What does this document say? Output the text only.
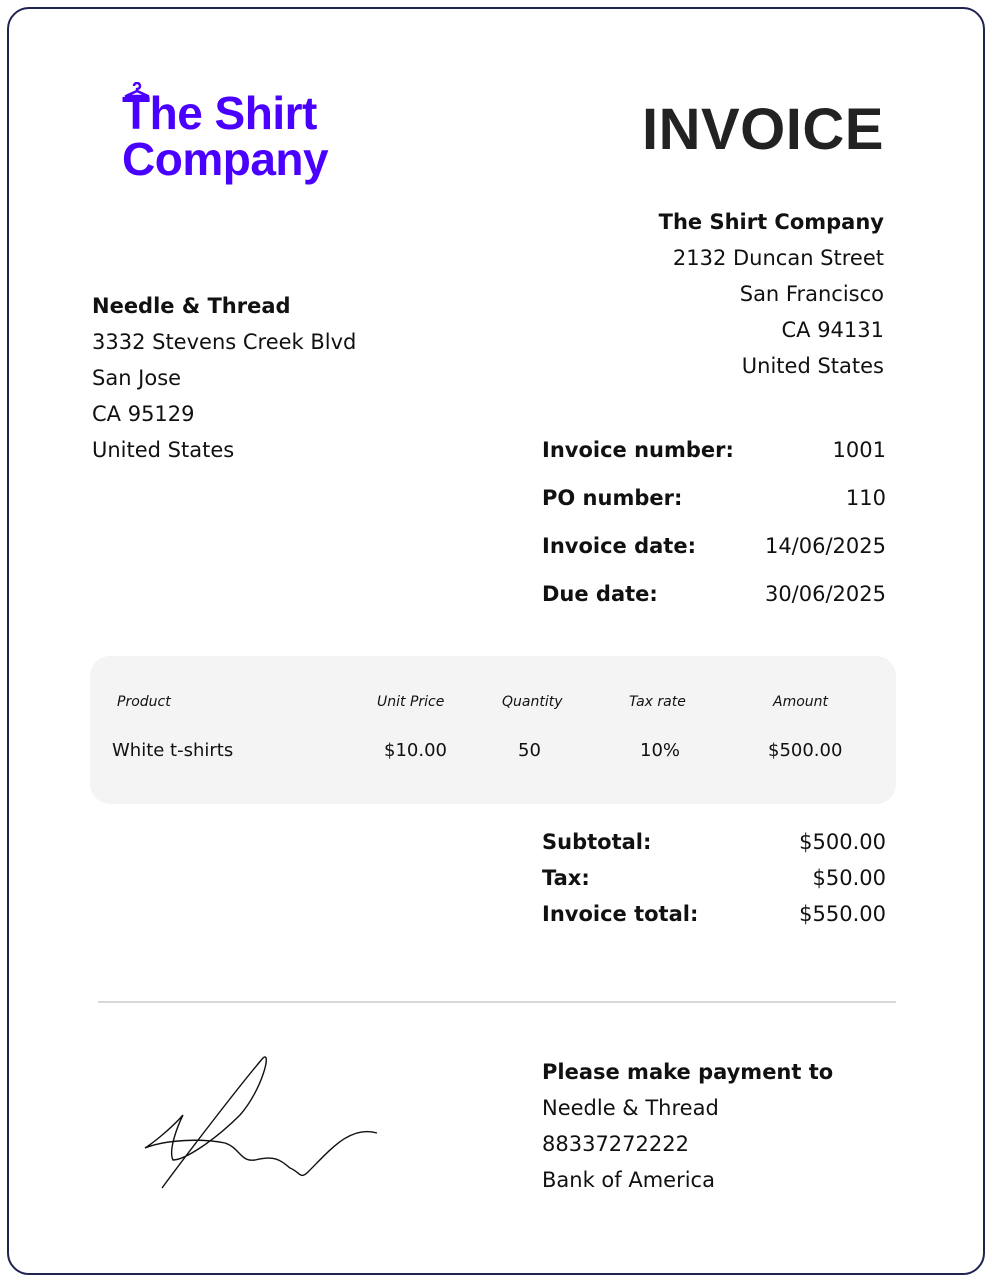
The Shirt
Company	INVOICE
The Shirt Company
2132 Duncan Street
San Francisco
CA 94131
United States
Needle & Thread
3332 Stevens Creek Blvd
San Jose
CA 95129
United States	Invoice number:	1001
PO number:	110
Invoice date:	14/06/2025
Due date:	30/06/2025
Product	Unit Price	Quantity	Tax rate	Amount
White t-shirts	$10.00	50	10%	$500.00
Subtotal:	$500.00
Tax:	$50.00
Invoice total:	$550.00
Please make payment to
Needle & Thread
88337272222
Bank of America
